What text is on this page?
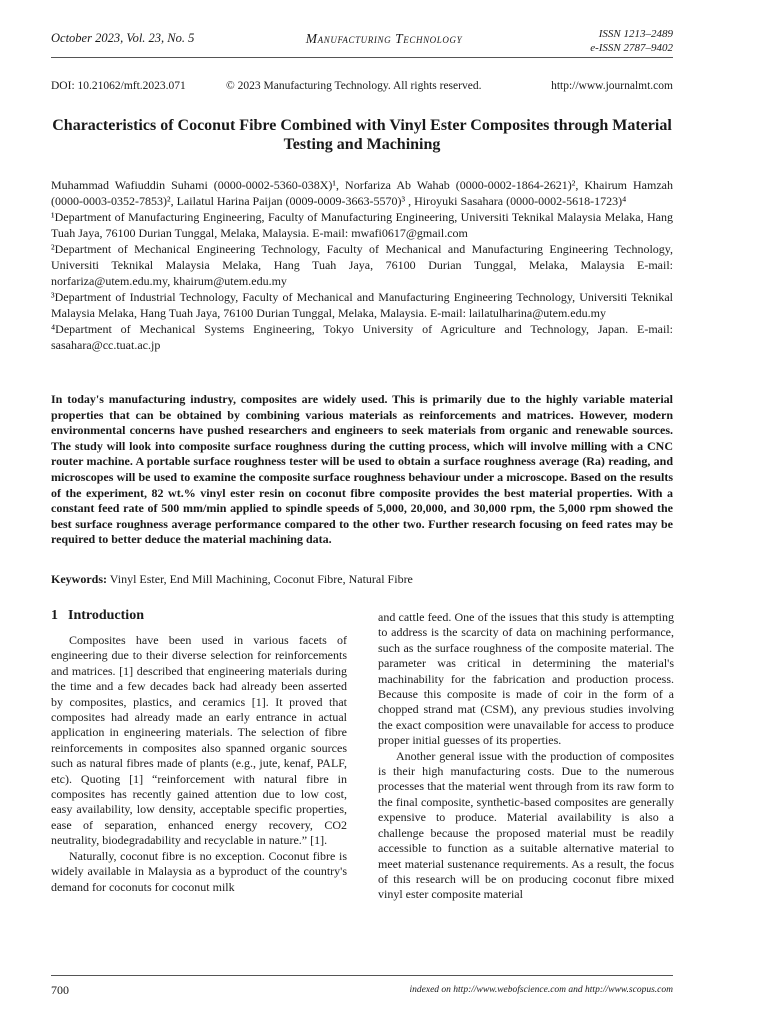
October 2023, Vol. 23, No. 5	Manufacturing Technology	ISSN 1213–2489
e-ISSN 2787–9402
DOI: 10.21062/mft.2023.071	© 2023 Manufacturing Technology. All rights reserved.	http://www.journalmt.com
Characteristics of Coconut Fibre Combined with Vinyl Ester Composites through Material Testing and Machining

Muhammad Wafiuddin Suhami (0000-0002-5360-038X)¹, Norfariza Ab Wahab (0000-0002-1864-2621)², Khairum Hamzah (0000-0003-0352-7853)², Lailatul Harina Paijan (0009-0009-3663-5570)³ , Hiroyuki Sasahara (0000-0002-5618-1723)⁴

¹Department of Manufacturing Engineering, Faculty of Manufacturing Engineering, Universiti Teknikal Malaysia Melaka, Hang Tuah Jaya, 76100 Durian Tunggal, Melaka, Malaysia. E-mail: mwafi0617@gmail.com

²Department of Mechanical Engineering Technology, Faculty of Mechanical and Manufacturing Engineering Technology, Universiti Teknikal Malaysia Melaka, Hang Tuah Jaya, 76100 Durian Tunggal, Melaka, Malaysia E-mail: norfariza@utem.edu.my, khairum@utem.edu.my

³Department of Industrial Technology, Faculty of Mechanical and Manufacturing Engineering Technology, Universiti Teknikal Malaysia Melaka, Hang Tuah Jaya, 76100 Durian Tunggal, Melaka, Malaysia. E-mail: lailatulharina@utem.edu.my

⁴Department of Mechanical Systems Engineering, Tokyo University of Agriculture and Technology, Japan. E-mail: sasahara@cc.tuat.ac.jp

In today's manufacturing industry, composites are widely used. This is primarily due to the highly variable material properties that can be obtained by combining various materials as reinforcements and matrices. However, modern environmental concerns have pushed researchers and engineers to seek materials from organic and renewable sources. The study will look into composite surface roughness during the cutting process, which will involve milling with a CNC router machine. A portable surface roughness tester will be used to obtain a surface roughness average (Ra) reading, and microscopes will be used to examine the composite surface roughness behaviour under a microscope. Based on the results of the experiment, 82 wt.% vinyl ester resin on coconut fibre composite provides the best material properties. With a constant feed rate of 500 mm/min applied to spindle speeds of 5,000, 20,000, and 30,000 rpm, the 5,000 rpm showed the best surface roughness average performance compared to the other two. Further research focusing on feed rates may be required to better deduce the material machining data.
Keywords: Vinyl Ester, End Mill Machining, Coconut Fibre, Natural Fibre
1 Introduction

Composites have been used in various facets of engineering due to their diverse selection for reinforcements and matrices. [1] described that engineering materials during the time and a few decades back had already been asserted by composites, plastics, and ceramics [1]. It proved that composites had already made an early entrance in actual application in engineering materials. The selection of fibre reinforcements in composites also spanned organic sources such as natural fibres made of plants (e.g., jute, kenaf, PALF, etc). Quoting [1] “reinforcement with natural fibre in composites has recently gained attention due to low cost, easy availability, low density, acceptable specific properties, ease of separation, enhanced energy recovery, CO2 neutrality, biodegradability and recyclable in nature.” [1].

Naturally, coconut fibre is no exception. Coconut fibre is widely available in Malaysia as a byproduct of the country's demand for coconuts for coconut milk

and cattle feed. One of the issues that this study is attempting to address is the scarcity of data on machining performance, such as the surface roughness of the composite material. The parameter was critical in determining the material's machinability for the fabrication and production process. Because this composite is made of coir in the form of a chopped strand mat (CSM), any previous studies involving the exact composition were unavailable for access to produce proper initial guesses of its properties.

Another general issue with the production of composites is their high manufacturing costs. Due to the numerous processes that the material went through from its raw form to the final composite, synthetic-based composites are generally expensive to produce. Material availability is also a challenge because the proposed material must be readily accessible to function as a suitable alternative material to meet material sustenance requirements. As a result, the focus of this research will be on producing coconut fibre mixed vinyl ester composite material

700	indexed on http://www.webofscience.com and http://www.scopus.com
